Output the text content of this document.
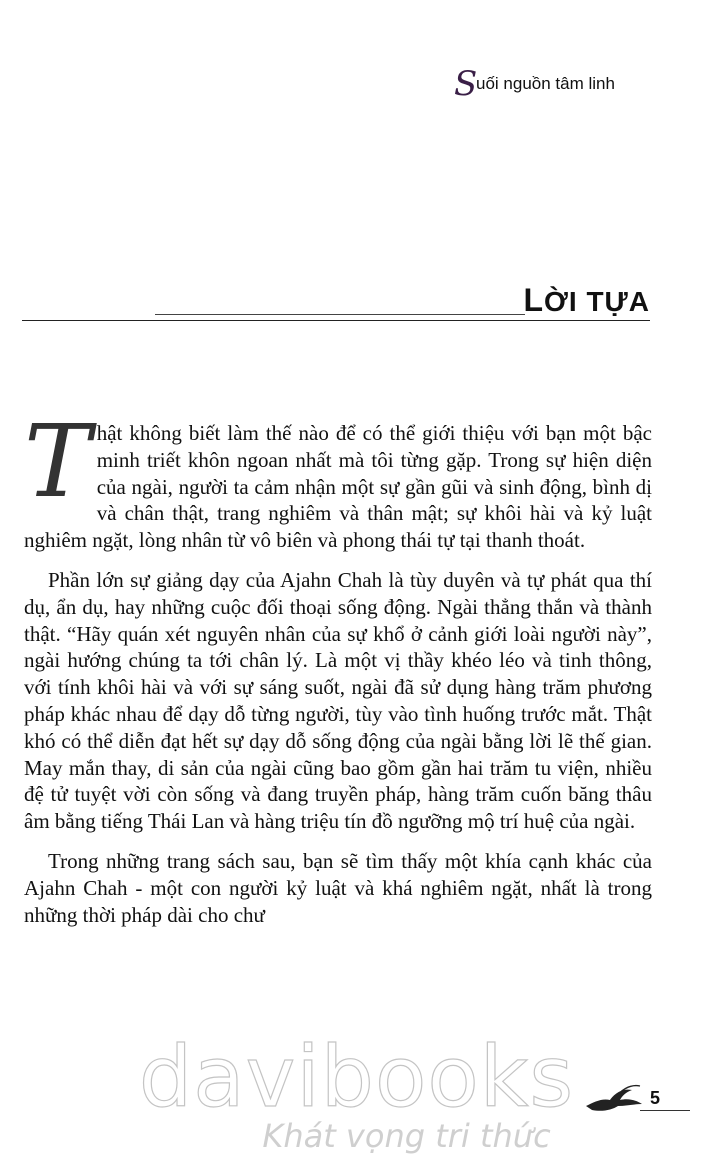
S
uối nguồn tâm linh
LỜI TỰA

Thật không biết làm thế nào để có thể giới thiệu với bạn một bậc minh triết khôn ngoan nhất mà tôi từng gặp. Trong sự hiện diện của ngài, người ta cảm nhận một sự gần gũi và sinh động, bình dị và chân thật, trang nghiêm và thân mật; sự khôi hài và kỷ luật nghiêm ngặt, lòng nhân từ vô biên và phong thái tự tại thanh thoát.

Phần lớn sự giảng dạy của Ajahn Chah là tùy duyên và tự phát qua thí dụ, ẩn dụ, hay những cuộc đối thoại sống động. Ngài thẳng thắn và thành thật. “Hãy quán xét nguyên nhân của sự khổ ở cảnh giới loài người này”, ngài hướng chúng ta tới chân lý. Là một vị thầy khéo léo và tinh thông, với tính khôi hài và với sự sáng suốt, ngài đã sử dụng hàng trăm phương pháp khác nhau để dạy dỗ từng người, tùy vào tình huống trước mắt. Thật khó có thể diễn đạt hết sự dạy dỗ sống động của ngài bằng lời lẽ thế gian. May mắn thay, di sản của ngài cũng bao gồm gần hai trăm tu viện, nhiều đệ tử tuyệt vời còn sống và đang truyền pháp, hàng trăm cuốn băng thâu âm bằng tiếng Thái Lan và hàng triệu tín đồ ngưỡng mộ trí huệ của ngài.

Trong những trang sách sau, bạn sẽ tìm thấy một khía cạnh khác của Ajahn Chah - một con người kỷ luật và khá nghiêm ngặt, nhất là trong những thời pháp dài cho chư

davibooks
Khát vọng tri thức
5
